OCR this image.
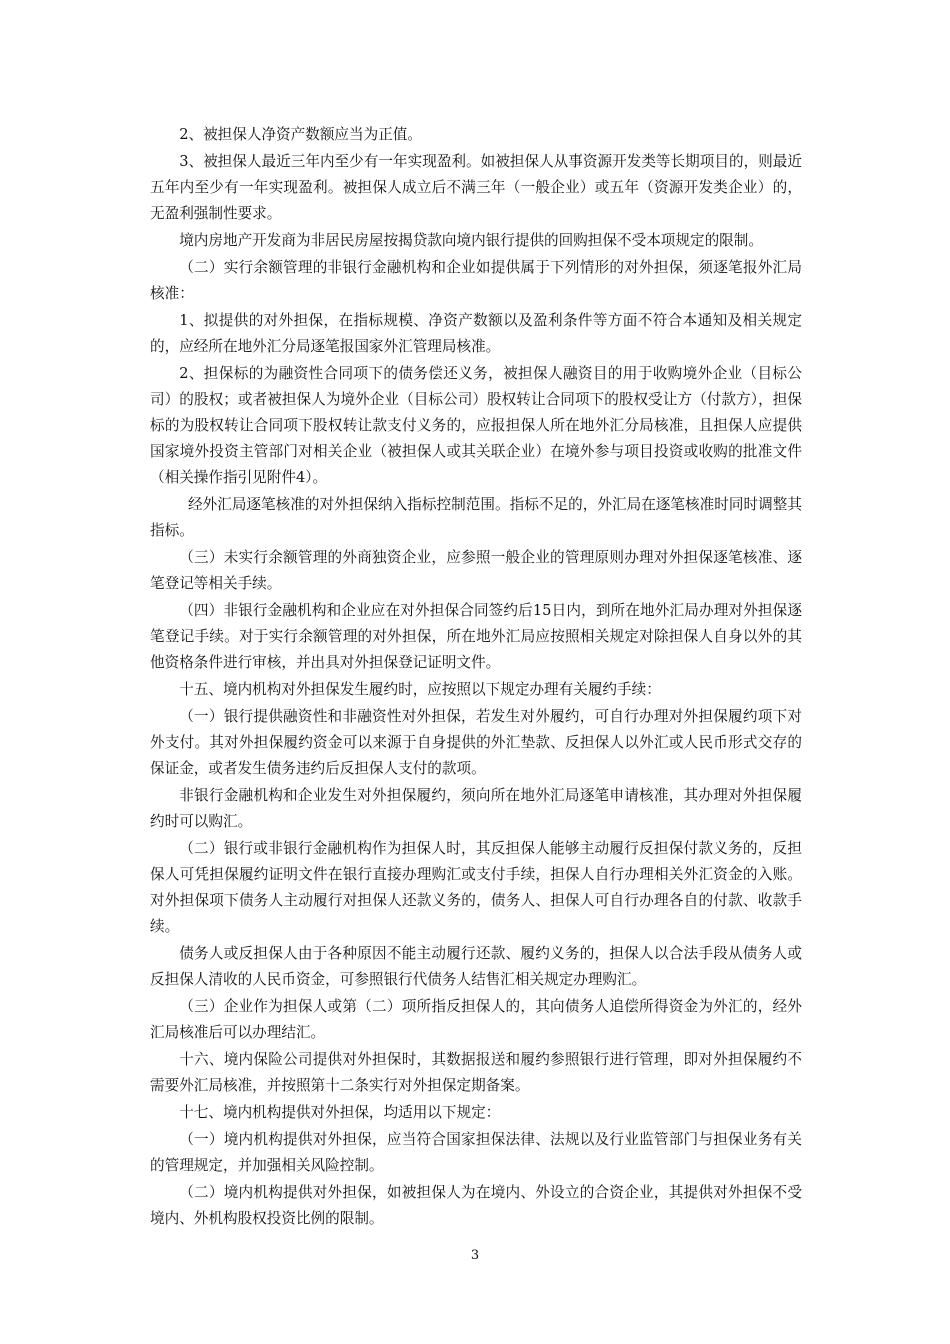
2、被担保人净资产数额应当为正值。

3、被担保人最近三年内至少有一年实现盈利。如被担保人从事资源开发类等长期项目的，则最近五年内至少有一年实现盈利。被担保人成立后不满三年（一般企业）或五年（资源开发类企业）的，无盈利强制性要求。

境内房地产开发商为非居民房屋按揭贷款向境内银行提供的回购担保不受本项规定的限制。

（二）实行余额管理的非银行金融机构和企业如提供属于下列情形的对外担保，须逐笔报外汇局核准：

1、拟提供的对外担保，在指标规模、净资产数额以及盈利条件等方面不符合本通知及相关规定的，应经所在地外汇分局逐笔报国家外汇管理局核准。

2、担保标的为融资性合同项下的债务偿还义务，被担保人融资目的用于收购境外企业（目标公司）的股权；或者被担保人为境外企业（目标公司）股权转让合同项下的股权受让方（付款方），担保标的为股权转让合同项下股权转让款支付义务的，应报担保人所在地外汇分局核准，且担保人应提供国家境外投资主管部门对相关企业（被担保人或其关联企业）在境外参与项目投资或收购的批准文件（相关操作指引见附件4）。

经外汇局逐笔核准的对外担保纳入指标控制范围。指标不足的，外汇局在逐笔核准时同时调整其指标。

（三）未实行余额管理的外商独资企业，应参照一般企业的管理原则办理对外担保逐笔核准、逐笔登记等相关手续。

（四）非银行金融机构和企业应在对外担保合同签约后15日内，到所在地外汇局办理对外担保逐笔登记手续。对于实行余额管理的对外担保，所在地外汇局应按照相关规定对除担保人自身以外的其他资格条件进行审核，并出具对外担保登记证明文件。

十五、境内机构对外担保发生履约时，应按照以下规定办理有关履约手续：

（一）银行提供融资性和非融资性对外担保，若发生对外履约，可自行办理对外担保履约项下对外支付。其对外担保履约资金可以来源于自身提供的外汇垫款、反担保人以外汇或人民币形式交存的保证金，或者发生债务违约后反担保人支付的款项。

非银行金融机构和企业发生对外担保履约，须向所在地外汇局逐笔申请核准，其办理对外担保履约时可以购汇。

（二）银行或非银行金融机构作为担保人时，其反担保人能够主动履行反担保付款义务的，反担保人可凭担保履约证明文件在银行直接办理购汇或支付手续，担保人自行办理相关外汇资金的入账。对外担保项下债务人主动履行对担保人还款义务的，债务人、担保人可自行办理各自的付款、收款手续。

债务人或反担保人由于各种原因不能主动履行还款、履约义务的，担保人以合法手段从债务人或反担保人清收的人民币资金，可参照银行代债务人结售汇相关规定办理购汇。

（三）企业作为担保人或第（二）项所指反担保人的，其向债务人追偿所得资金为外汇的，经外汇局核准后可以办理结汇。

十六、境内保险公司提供对外担保时，其数据报送和履约参照银行进行管理，即对外担保履约不需要外汇局核准，并按照第十二条实行对外担保定期备案。

十七、境内机构提供对外担保，均适用以下规定：

（一）境内机构提供对外担保，应当符合国家担保法律、法规以及行业监管部门与担保业务有关的管理规定，并加强相关风险控制。

（二）境内机构提供对外担保，如被担保人为在境内、外设立的合资企业，其提供对外担保不受境内、外机构股权投资比例的限制。

3
